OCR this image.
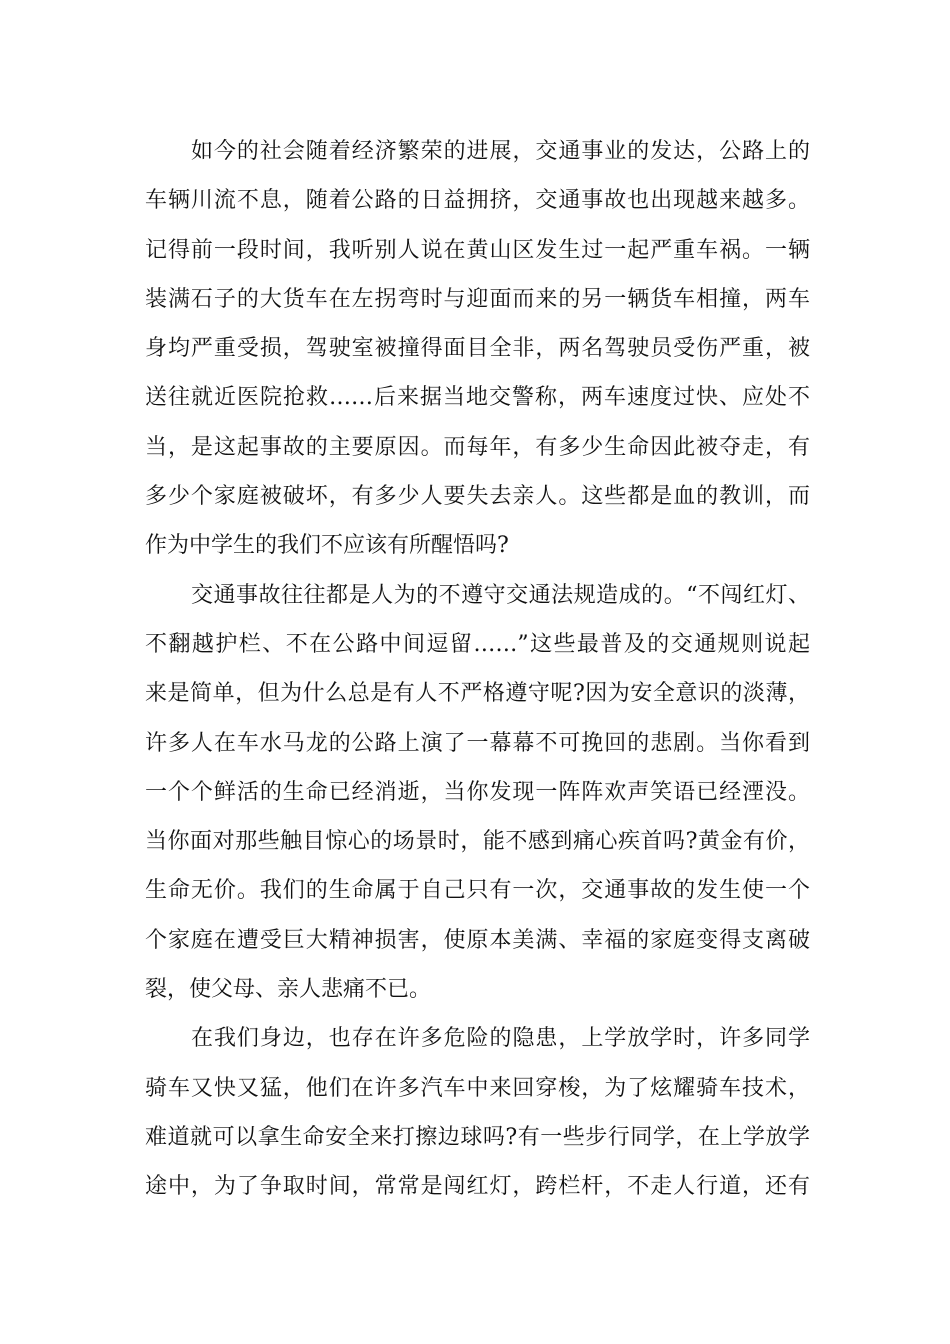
如今的社会随着经济繁荣的进展，交通事业的发达，公路上的
车辆川流不息，随着公路的日益拥挤，交通事故也出现越来越多。
记得前一段时间，我听别人说在黄山区发生过一起严重车祸。一辆
装满石子的大货车在左拐弯时与迎面而来的另一辆货车相撞，两车
身均严重受损，驾驶室被撞得面目全非，两名驾驶员受伤严重，被
送往就近医院抢救……后来据当地交警称，两车速度过快、应处不
当，是这起事故的主要原因。而每年，有多少生命因此被夺走，有
多少个家庭被破坏，有多少人要失去亲人。这些都是血的教训，而
作为中学生的我们不应该有所醒悟吗?
交通事故往往都是人为的不遵守交通法规造成的。“不闯红灯、
不翻越护栏、不在公路中间逗留……”这些最普及的交通规则说起
来是简单，但为什么总是有人不严格遵守呢?因为安全意识的淡薄，
许多人在车水马龙的公路上演了一幕幕不可挽回的悲剧。当你看到
一个个鲜活的生命已经消逝，当你发现一阵阵欢声笑语已经湮没。
当你面对那些触目惊心的场景时，能不感到痛心疾首吗?黄金有价，
生命无价。我们的生命属于自己只有一次，交通事故的发生使一个
个家庭在遭受巨大精神损害，使原本美满、幸福的家庭变得支离破
裂，使父母、亲人悲痛不已。
在我们身边，也存在许多危险的隐患，上学放学时，许多同学
骑车又快又猛，他们在许多汽车中来回穿梭，为了炫耀骑车技术，
难道就可以拿生命安全来打擦边球吗?有一些步行同学，在上学放学
途中，为了争取时间，常常是闯红灯，跨栏杆，不走人行道，还有
